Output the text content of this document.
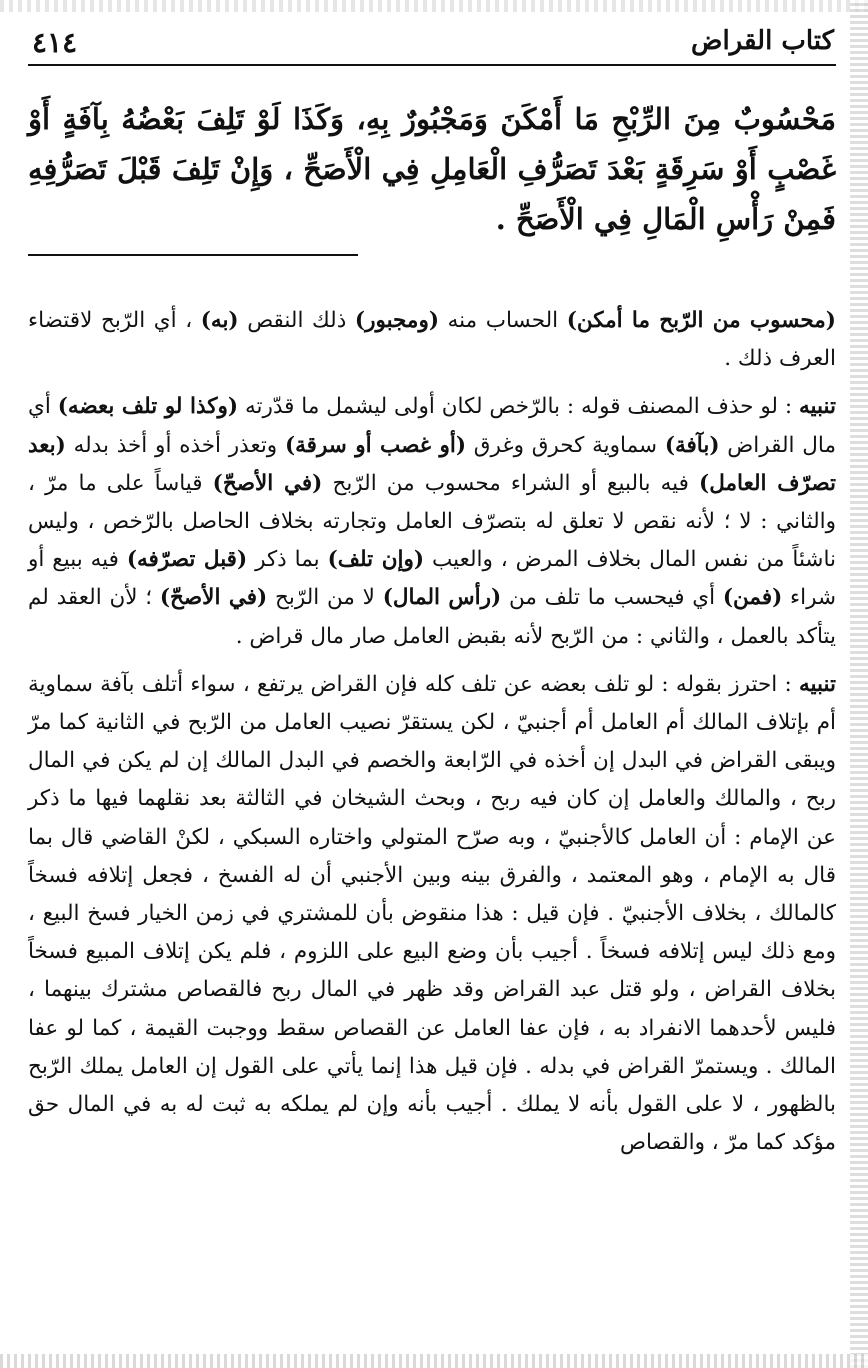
كتاب القراض
٤١٤

مَحْسُوبٌ مِنَ الرِّبْحِ مَا أَمْكَنَ وَمَجْبُورٌ بِهِ، وَكَذَا لَوْ تَلِفَ بَعْضُهُ بِآفَةٍ أَوْ غَصْبٍ أَوْ سَرِقَةٍ بَعْدَ تَصَرُّفِ الْعَامِلِ فِي الْأَصَحِّ ، وَإِنْ تَلِفَ قَبْلَ تَصَرُّفِهِ فَمِنْ رَأْسِ الْمَالِ فِي الْأَصَحِّ .

(محسوب من الرّبح ما أمكن) الحساب منه (ومجبور) ذلك النقص (به) ، أي الرّبح لاقتضاء العرف ذلك .

تنبيه : لو حذف المصنف قوله : بالرّخص لكان أولى ليشمل ما قدّرته (وكذا لو تلف بعضه) أي مال القراض (بآفة) سماوية كحرق وغرق (أو غصب أو سرقة) وتعذر أخذه أو أخذ بدله (بعد تصرّف العامل) فيه بالبيع أو الشراء محسوب من الرّبح (في الأصحّ) قياساً على ما مرّ ، والثاني : لا ؛ لأنه نقص لا تعلق له بتصرّف العامل وتجارته بخلاف الحاصل بالرّخص ، وليس ناشئاً من نفس المال بخلاف المرض ، والعيب (وإن تلف) بما ذكر (قبل تصرّفه) فيه ببيع أو شراء (فمن) أي فيحسب ما تلف من (رأس المال) لا من الرّبح (في الأصحّ) ؛ لأن العقد لم يتأكد بالعمل ، والثاني : من الرّبح لأنه بقبض العامل صار مال قراض .

تنبيه : احترز بقوله : لو تلف بعضه عن تلف كله فإن القراض يرتفع ، سواء أتلف بآفة سماوية أم بإتلاف المالك أم العامل أم أجنبيّ ، لكن يستقرّ نصيب العامل من الرّبح في الثانية كما مرّ ويبقى القراض في البدل إن أخذه في الرّابعة والخصم في البدل المالك إن لم يكن في المال ربح ، والمالك والعامل إن كان فيه ربح ، وبحث الشيخان في الثالثة بعد نقلهما فيها ما ذكر عن الإمام : أن العامل كالأجنبيّ ، وبه صرّح المتولي واختاره السبكي ، لكنْ القاضي قال بما قال به الإمام ، وهو المعتمد ، والفرق بينه وبين الأجنبي أن له الفسخ ، فجعل إتلافه فسخاً كالمالك ، بخلاف الأجنبيّ . فإن قيل : هذا منقوض بأن للمشتري في زمن الخيار فسخ البيع ، ومع ذلك ليس إتلافه فسخاً . أجيب بأن وضع البيع على اللزوم ، فلم يكن إتلاف المبيع فسخاً بخلاف القراض ، ولو قتل عبد القراض وقد ظهر في المال ربح فالقصاص مشترك بينهما ، فليس لأحدهما الانفراد به ، فإن عفا العامل عن القصاص سقط ووجبت القيمة ، كما لو عفا المالك . ويستمرّ القراض في بدله . فإن قيل هذا إنما يأتي على القول إن العامل يملك الرّبح بالظهور ، لا على القول بأنه لا يملك . أجيب بأنه وإن لم يملكه به ثبت له به في المال حق مؤكد كما مرّ ، والقصاص
